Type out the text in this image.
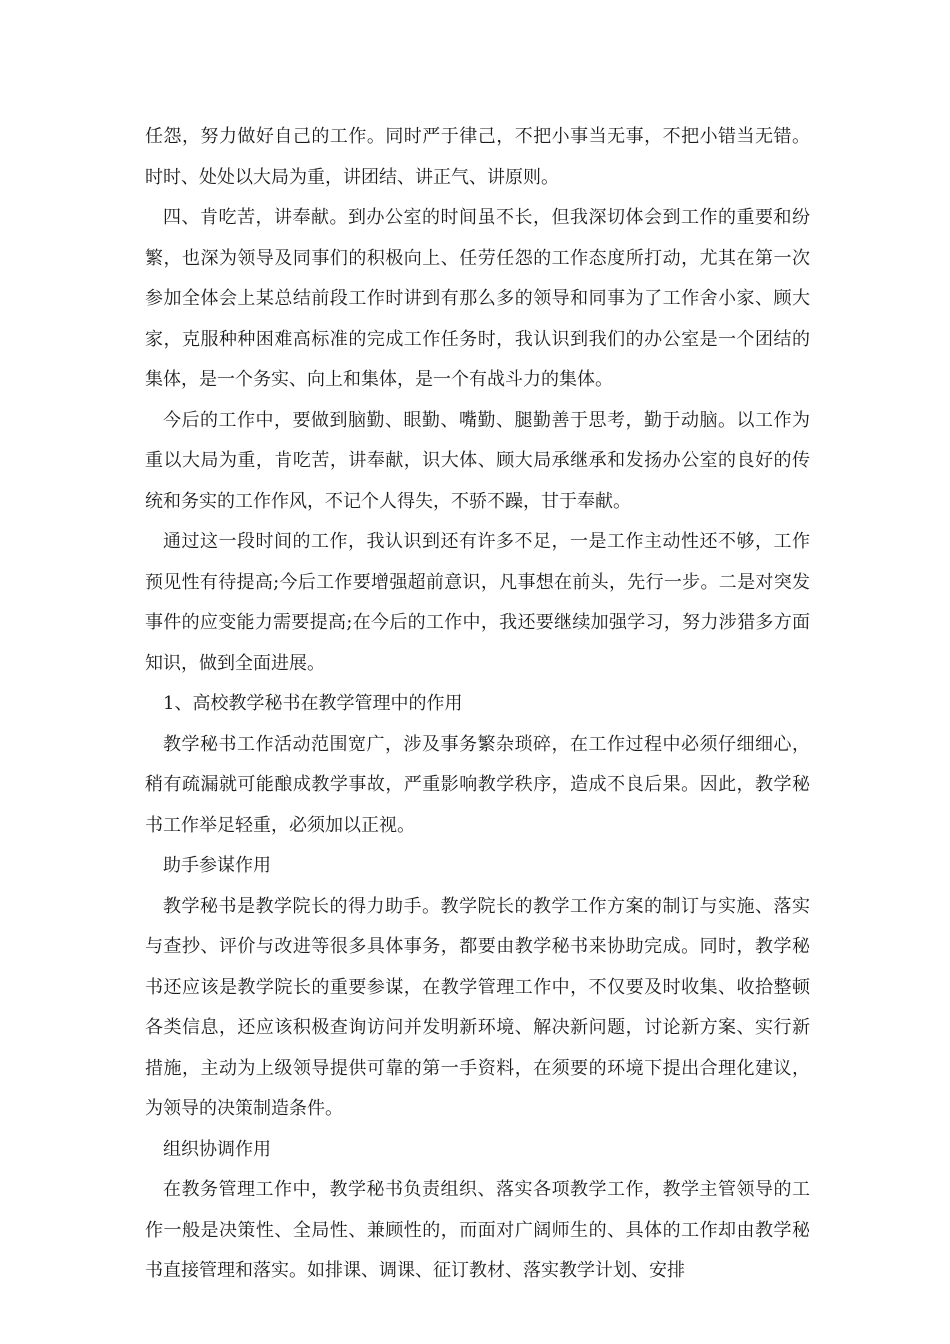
任怨，努力做好自己的工作。同时严于律己，不把小事当无事，不把小错当无错。时时、处处以大局为重，讲团结、讲正气、讲原则。

四、肯吃苦，讲奉献。到办公室的时间虽不长，但我深切体会到工作的重要和纷繁，也深为领导及同事们的积极向上、任劳任怨的工作态度所打动，尤其在第一次参加全体会上某总结前段工作时讲到有那么多的领导和同事为了工作舍小家、顾大家，克服种种困难高标准的完成工作任务时，我认识到我们的办公室是一个团结的集体，是一个务实、向上和集体，是一个有战斗力的集体。

今后的工作中，要做到脑勤、眼勤、嘴勤、腿勤善于思考，勤于动脑。以工作为重以大局为重，肯吃苦，讲奉献，识大体、顾大局承继承和发扬办公室的良好的传统和务实的工作作风，不记个人得失，不骄不躁，甘于奉献。

通过这一段时间的工作，我认识到还有许多不足，一是工作主动性还不够，工作预见性有待提高;今后工作要增强超前意识，凡事想在前头，先行一步。二是对突发事件的应变能力需要提高;在今后的工作中，我还要继续加强学习，努力涉猎多方面知识，做到全面进展。

1、高校教学秘书在教学管理中的作用

教学秘书工作活动范围宽广，涉及事务繁杂琐碎，在工作过程中必须仔细细心，稍有疏漏就可能酿成教学事故，严重影响教学秩序，造成不良后果。因此，教学秘书工作举足轻重，必须加以正视。

助手参谋作用

教学秘书是教学院长的得力助手。教学院长的教学工作方案的制订与实施、落实与查抄、评价与改进等很多具体事务，都要由教学秘书来协助完成。同时，教学秘书还应该是教学院长的重要参谋，在教学管理工作中，不仅要及时收集、收拾整顿各类信息，还应该积极查询访问并发明新环境、解决新问题，讨论新方案、实行新措施，主动为上级领导提供可靠的第一手资料，在须要的环境下提出合理化建议，为领导的决策制造条件。

组织协调作用

在教务管理工作中，教学秘书负责组织、落实各项教学工作，教学主管领导的工作一般是决策性、全局性、兼顾性的，而面对广阔师生的、具体的工作却由教学秘书直接管理和落实。如排课、调课、征订教材、落实教学计划、安排
